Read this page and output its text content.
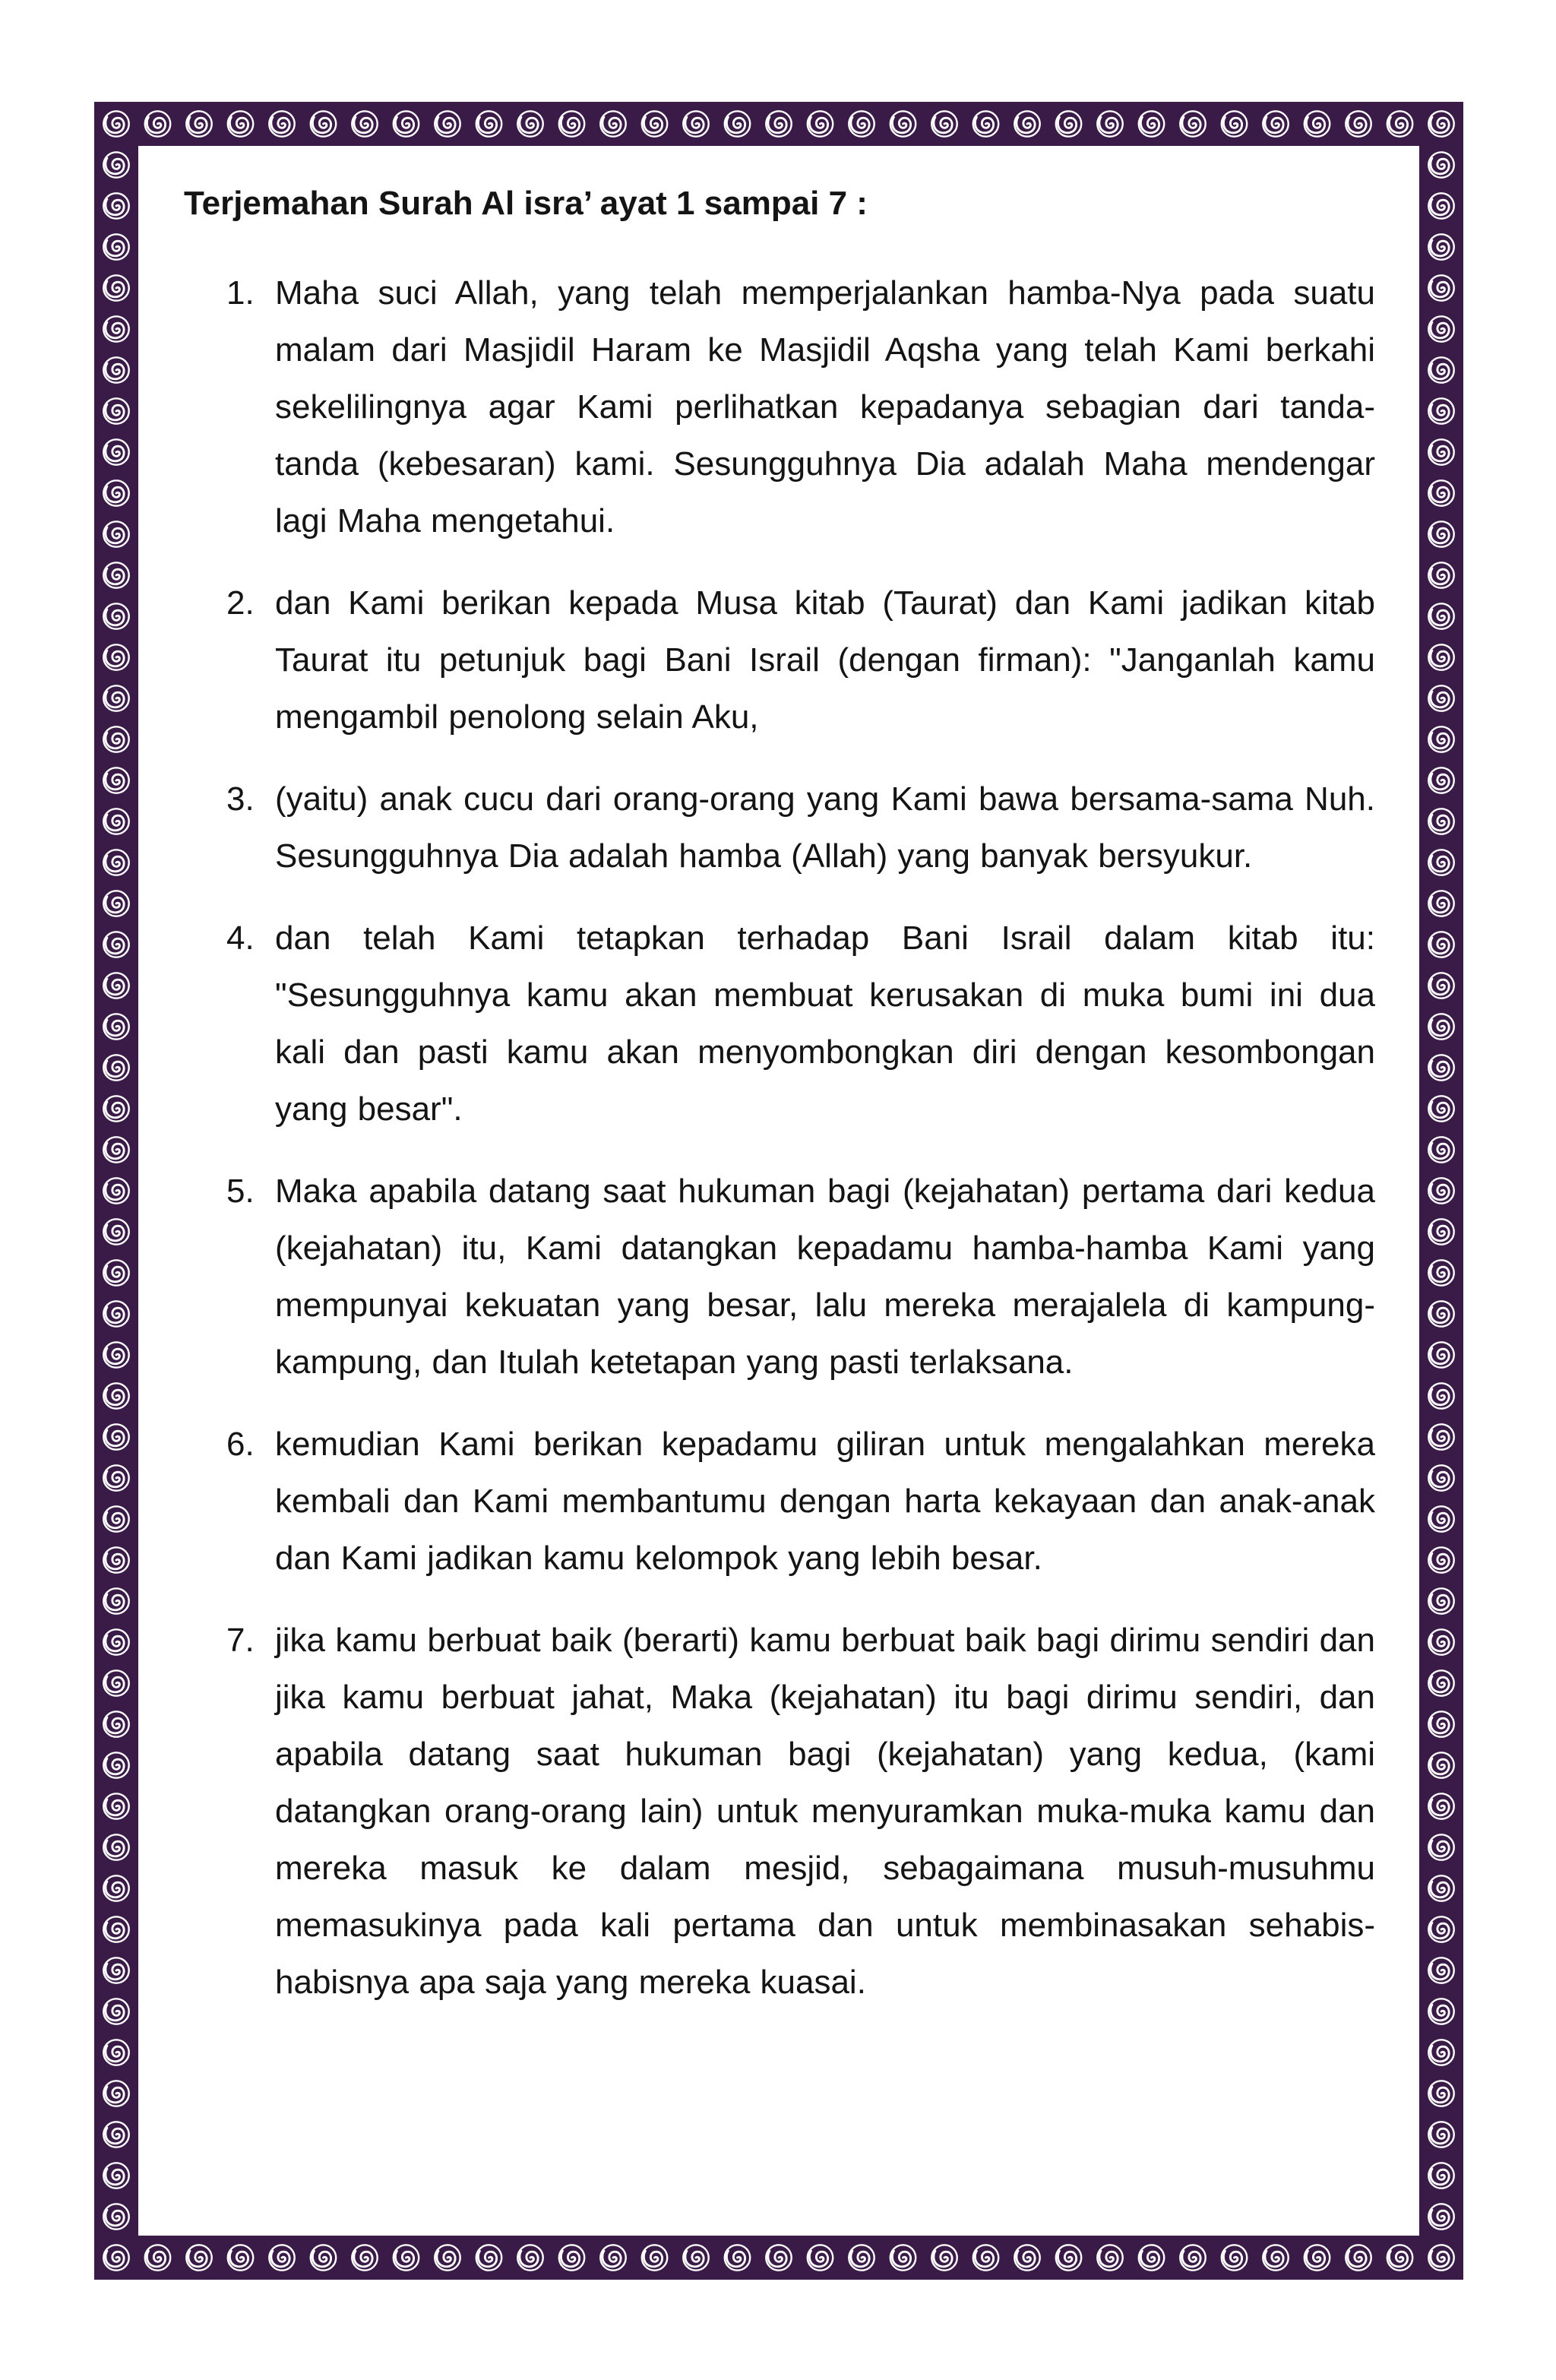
Terjemahan Surah Al isra’ ayat 1 sampai 7 :
1. Maha suci Allah, yang telah memperjalankan hamba-Nya pada suatu malam dari Masjidil Haram ke Masjidil Aqsha yang telah Kami berkahi sekelilingnya agar Kami perlihatkan kepadanya sebagian dari tanda-tanda (kebesaran) kami. Sesungguhnya Dia adalah Maha mendengar lagi Maha mengetahui.
2. dan Kami berikan kepada Musa kitab (Taurat) dan Kami jadikan kitab Taurat itu petunjuk bagi Bani Israil (dengan firman): "Janganlah kamu mengambil penolong selain Aku,
3. (yaitu) anak cucu dari orang-orang yang Kami bawa bersama-sama Nuh. Sesungguhnya Dia adalah hamba (Allah) yang banyak bersyukur.
4. dan telah Kami tetapkan terhadap Bani Israil dalam kitab itu: "Sesungguhnya kamu akan membuat kerusakan di muka bumi ini dua kali dan pasti kamu akan menyombongkan diri dengan kesombongan yang besar".
5. Maka apabila datang saat hukuman bagi (kejahatan) pertama dari kedua (kejahatan) itu, Kami datangkan kepadamu hamba-hamba Kami yang mempunyai kekuatan yang besar, lalu mereka merajalela di kampung-kampung, dan Itulah ketetapan yang pasti terlaksana.
6. kemudian Kami berikan kepadamu giliran untuk mengalahkan mereka kembali dan Kami membantumu dengan harta kekayaan dan anak-anak dan Kami jadikan kamu kelompok yang lebih besar.
7. jika kamu berbuat baik (berarti) kamu berbuat baik bagi dirimu sendiri dan jika kamu berbuat jahat, Maka (kejahatan) itu bagi dirimu sendiri, dan apabila datang saat hukuman bagi (kejahatan) yang kedua, (kami datangkan orang-orang lain) untuk menyuramkan muka-muka kamu dan mereka masuk ke dalam mesjid, sebagaimana musuh-musuhmu memasukinya pada kali pertama dan untuk membinasakan sehabis-habisnya apa saja yang mereka kuasai.
